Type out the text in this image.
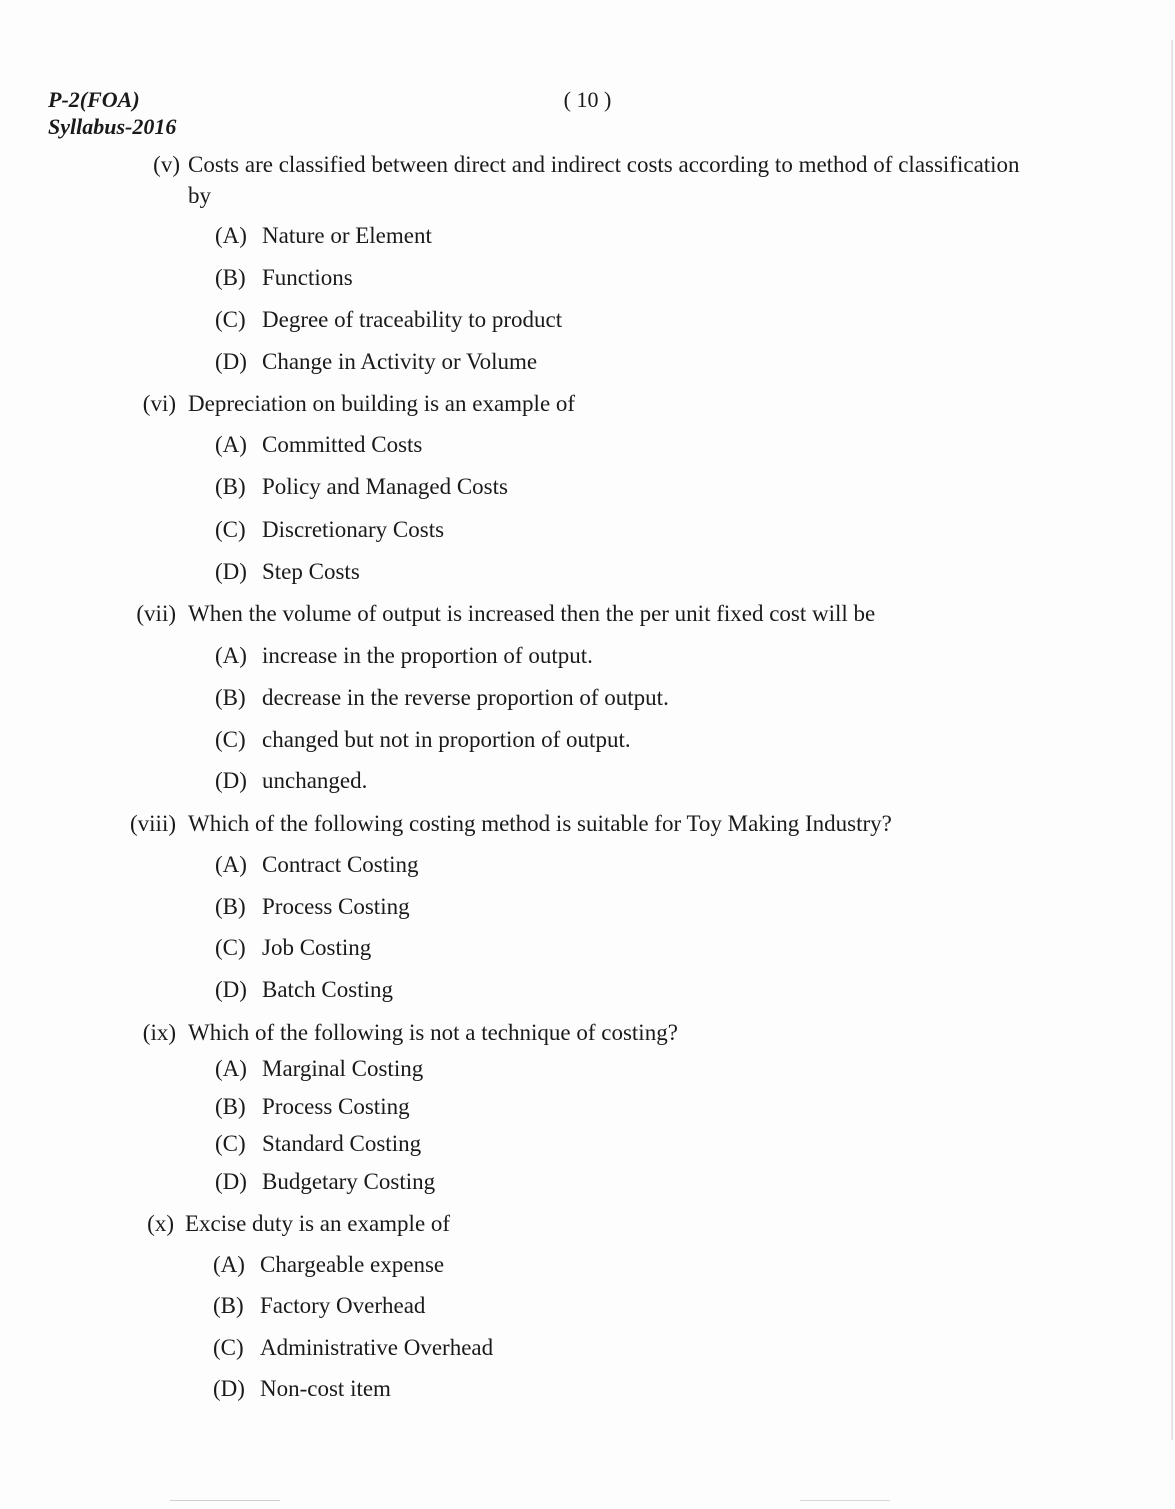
P-2(FOA)
Syllabus-2016
( 10 )
(v) Costs are classified between direct and indirect costs according to method of classification
by
(A) Nature or Element
(B) Functions
(C) Degree of traceability to product
(D) Change in Activity or Volume
(vi) Depreciation on building is an example of
(A) Committed Costs
(B) Policy and Managed Costs
(C) Discretionary Costs
(D) Step Costs
(vii) When the volume of output is increased then the per unit fixed cost will be
(A) increase in the proportion of output.
(B) decrease in the reverse proportion of output.
(C) changed but not in proportion of output.
(D) unchanged.
(viii) Which of the following costing method is suitable for Toy Making Industry?
(A) Contract Costing
(B) Process Costing
(C) Job Costing
(D) Batch Costing
(ix) Which of the following is not a technique of costing?
(A) Marginal Costing
(B) Process Costing
(C) Standard Costing
(D) Budgetary Costing
(x) Excise duty is an example of
(A) Chargeable expense
(B) Factory Overhead
(C) Administrative Overhead
(D) Non-cost item
